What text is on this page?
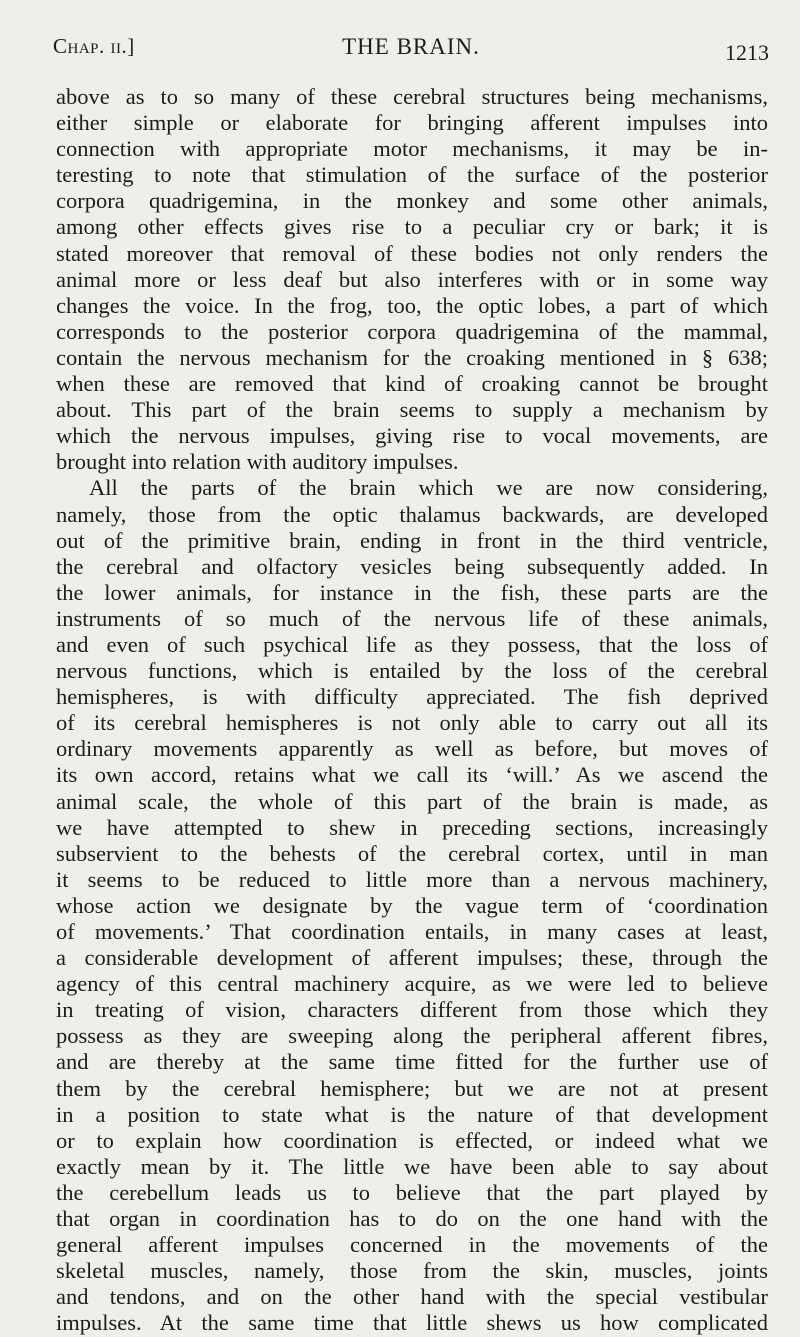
Chap. ii.]	THE BRAIN.	1213
above as to so many of these cerebral structures being mechanisms,
either simple or elaborate for bringing afferent impulses into
connection with appropriate motor mechanisms, it may be in-
teresting to note that stimulation of the surface of the posterior
corpora quadrigemina, in the monkey and some other animals,
among other effects gives rise to a peculiar cry or bark; it is
stated moreover that removal of these bodies not only renders the
animal more or less deaf but also interferes with or in some way
changes the voice. In the frog, too, the optic lobes, a part of which
corresponds to the posterior corpora quadrigemina of the mammal,
contain the nervous mechanism for the croaking mentioned in § 638;
when these are removed that kind of croaking cannot be brought
about. This part of the brain seems to supply a mechanism by
which the nervous impulses, giving rise to vocal movements, are
brought into relation with auditory impulses.
All the parts of the brain which we are now considering,
namely, those from the optic thalamus backwards, are developed
out of the primitive brain, ending in front in the third ventricle,
the cerebral and olfactory vesicles being subsequently added. In
the lower animals, for instance in the fish, these parts are the
instruments of so much of the nervous life of these animals,
and even of such psychical life as they possess, that the loss of
nervous functions, which is entailed by the loss of the cerebral
hemispheres, is with difficulty appreciated. The fish deprived
of its cerebral hemispheres is not only able to carry out all its
ordinary movements apparently as well as before, but moves of
its own accord, retains what we call its ‘will.’ As we ascend the
animal scale, the whole of this part of the brain is made, as
we have attempted to shew in preceding sections, increasingly
subservient to the behests of the cerebral cortex, until in man
it seems to be reduced to little more than a nervous machinery,
whose action we designate by the vague term of ‘coordination
of movements.’ That coordination entails, in many cases at least,
a considerable development of afferent impulses; these, through the
agency of this central machinery acquire, as we were led to believe
in treating of vision, characters different from those which they
possess as they are sweeping along the peripheral afferent fibres,
and are thereby at the same time fitted for the further use of
them by the cerebral hemisphere; but we are not at present
in a position to state what is the nature of that development
or to explain how coordination is effected, or indeed what we
exactly mean by it. The little we have been able to say about
the cerebellum leads us to believe that the part played by
that organ in coordination has to do on the one hand with the
general afferent impulses concerned in the movements of the
skeletal muscles, namely, those from the skin, muscles, joints
and tendons, and on the other hand with the special vestibular
impulses. At the same time that little shews us how complicated
